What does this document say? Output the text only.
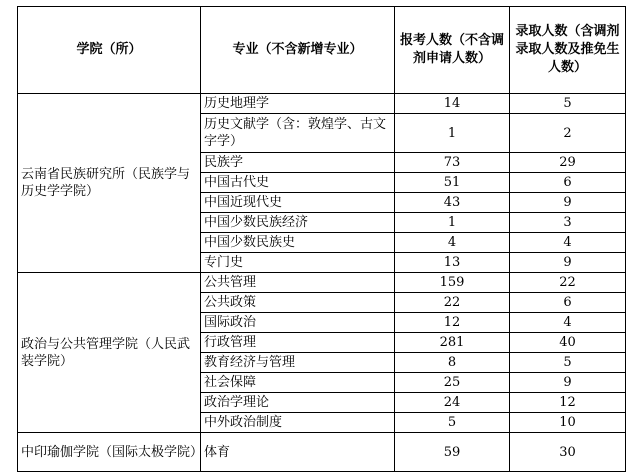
学院（所）	专业（不含新增专业）	报考人数（不含调剂申请人数）	录取人数（含调剂录取人数及推免生人数）
云南省民族研究所（民族学与历史学学院）	历史地理学	14	5
	历史文献学（含：敦煌学、古文字学）	1	2
	民族学	73	29
	中国古代史	51	6
	中国近现代史	43	9
	中国少数民族经济	1	3
	中国少数民族史	4	4
	专门史	13	9
政治与公共管理学院（人民武装学院）	公共管理	159	22
	公共政策	22	6
	国际政治	12	4
	行政管理	281	40
	教育经济与管理	8	5
	社会保障	25	9
	政治学理论	24	12
	中外政治制度	5	10
中印瑜伽学院（国际太极学院）	体育	59	30
